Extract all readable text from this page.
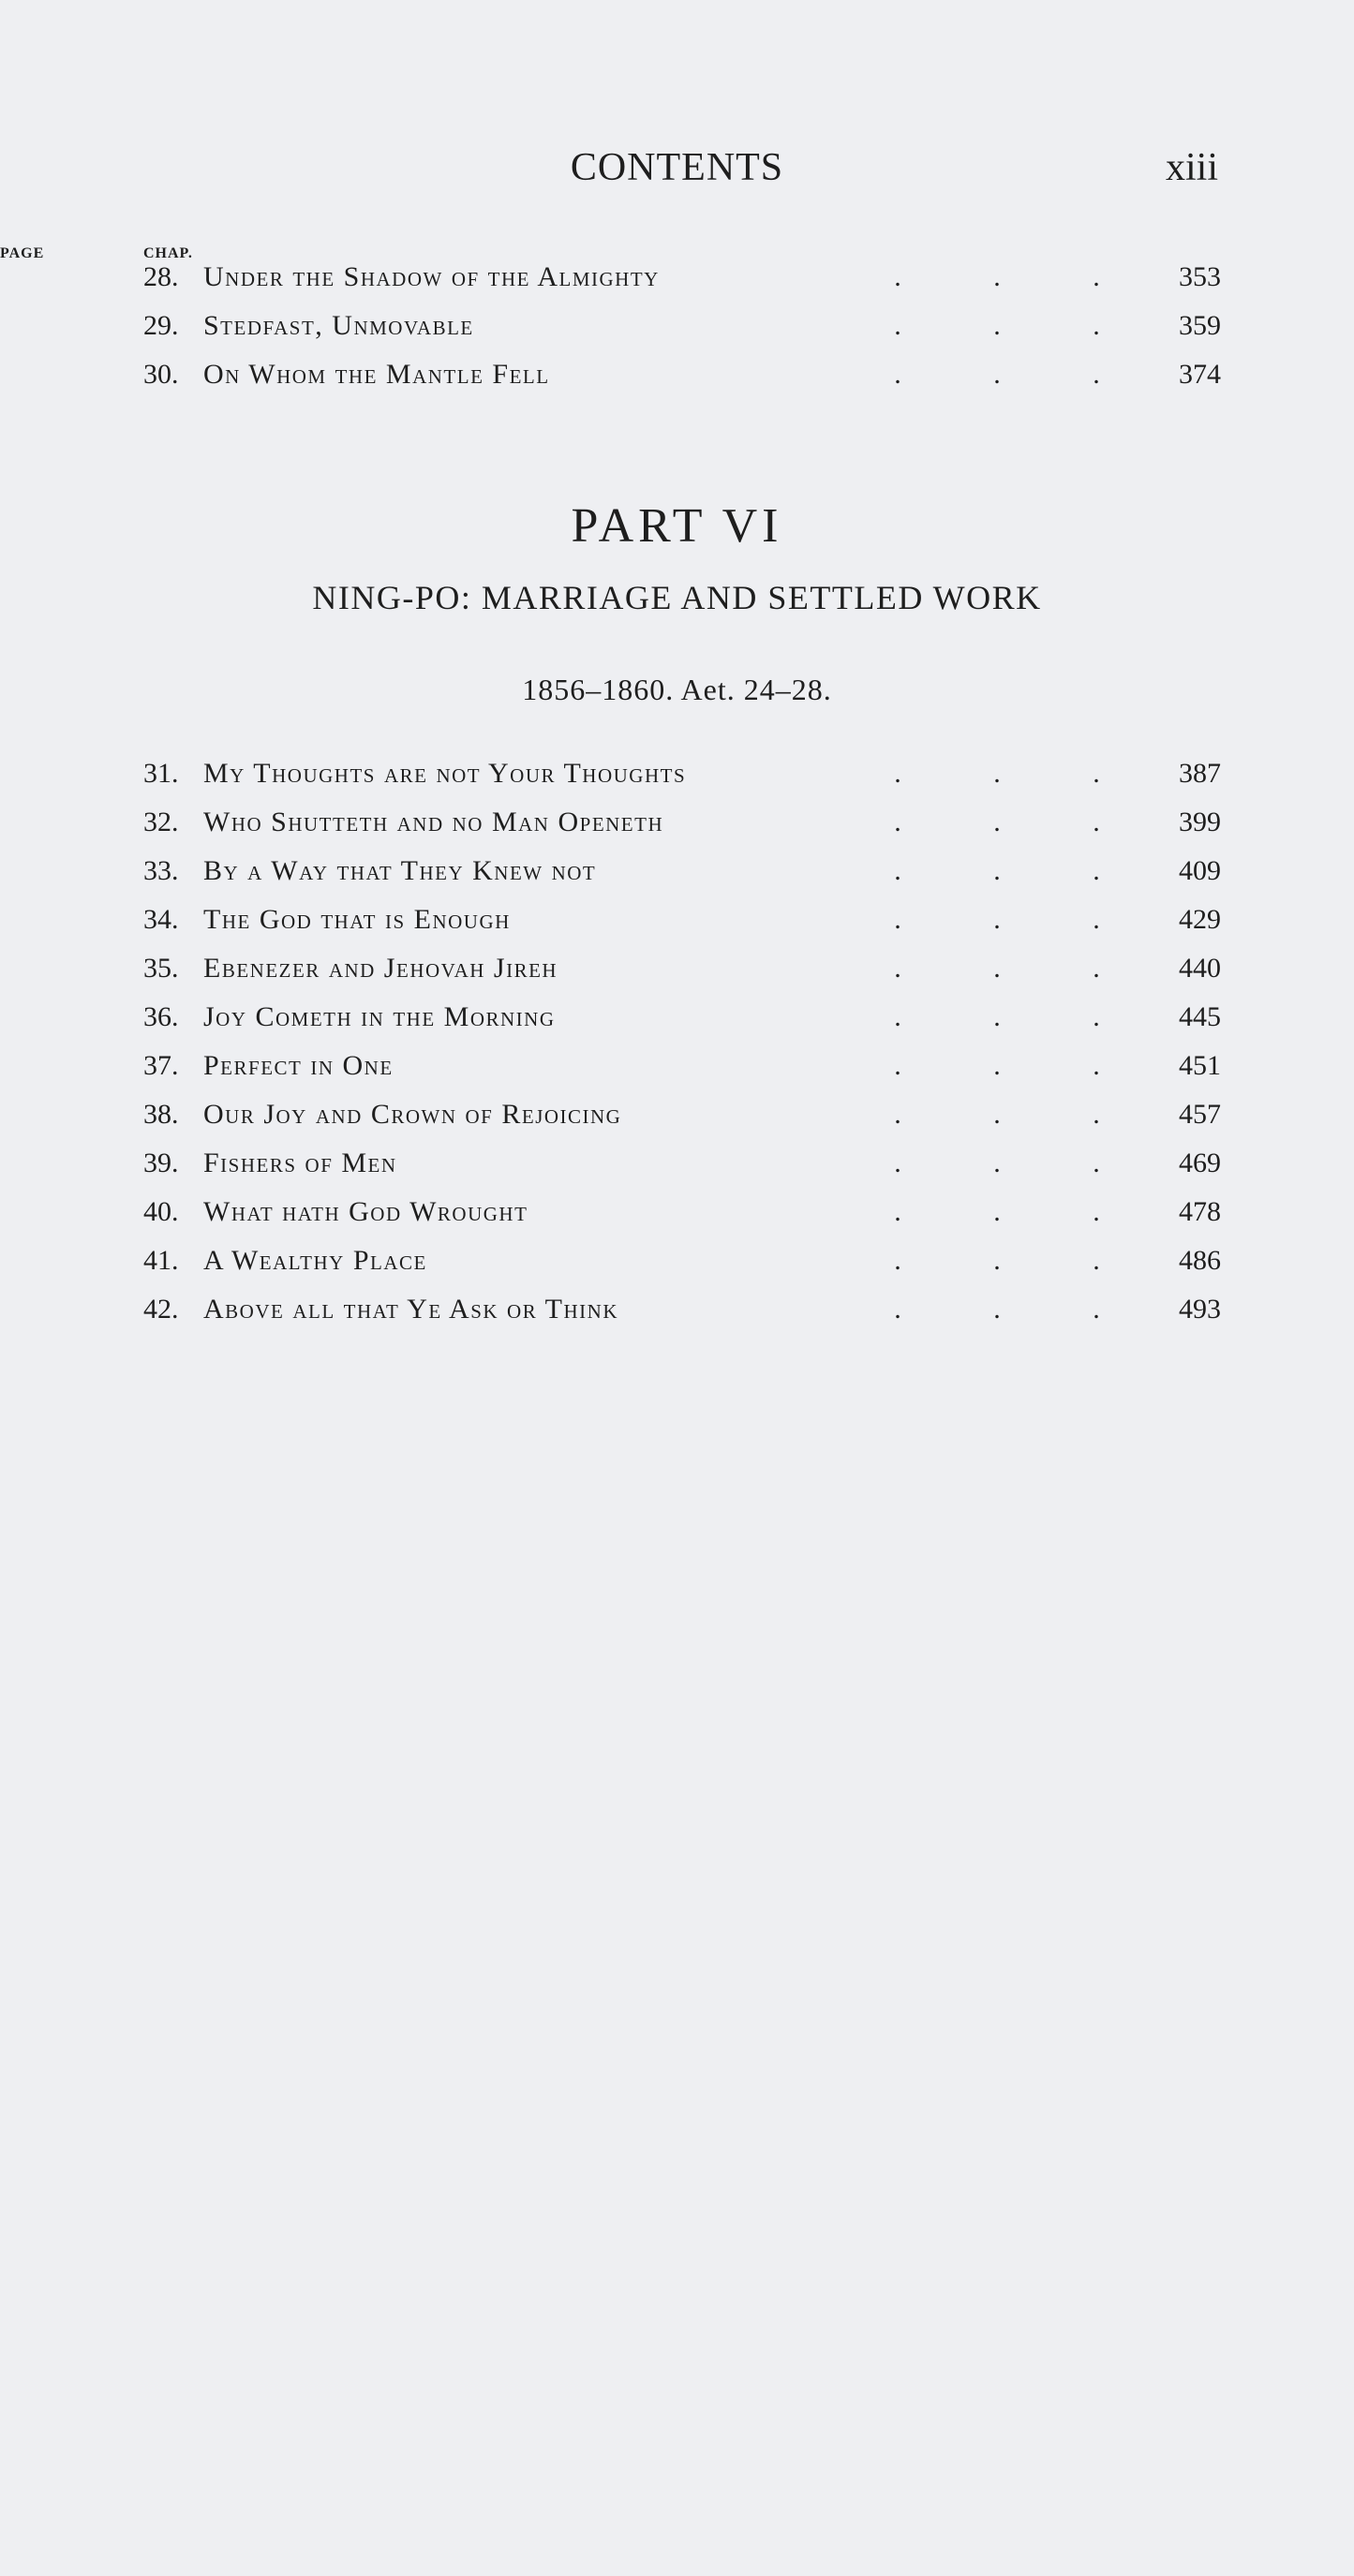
CONTENTS	xiii
CHAP.
PAGE
28. Under the Shadow of the Almighty	.	.	.	353
29. Stedfast, Unmovable	.	.	.	359
30. On Whom the Mantle Fell	.	.	.	374
PART VI
NING-PO: MARRIAGE AND SETTLED WORK
1856–1860. Aet. 24–28.
31. My Thoughts are not Your Thoughts	.	.	.	387
32. Who Shutteth and no Man Openeth	.	.	.	399
33. By a Way that They Knew not	.	.	.	409
34. The God that is Enough	.	.	.	429
35. Ebenezer and Jehovah Jireh	.	.	.	440
36. Joy Cometh in the Morning	.	.	.	445
37. Perfect in One	.	.	.	451
38. Our Joy and Crown of Rejoicing	.	.	.	457
39. Fishers of Men	.	.	.	469
40. What hath God Wrought	.	.	.	478
41. A Wealthy Place	.	.	.	486
42. Above all that Ye Ask or Think	.	.	.	493
